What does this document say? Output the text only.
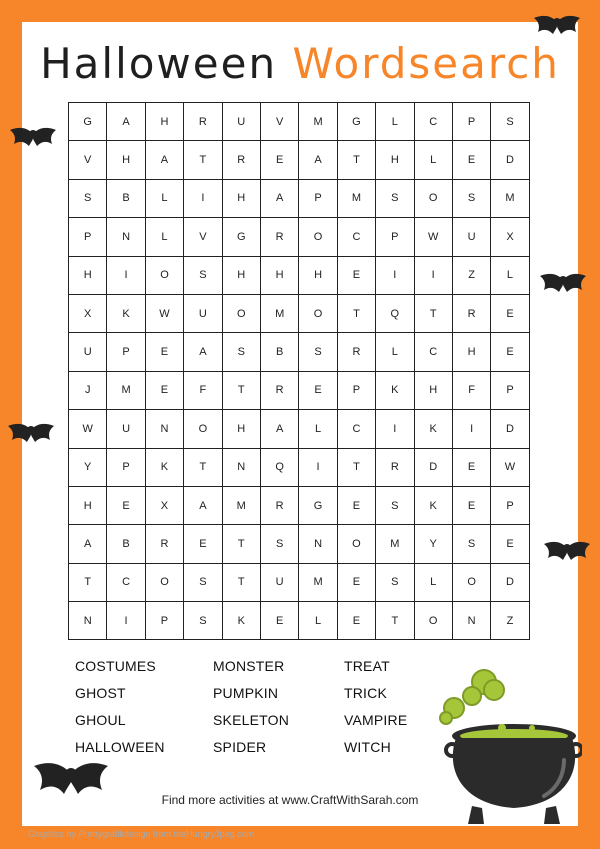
Halloween Wordsearch
G	A	H	R	U	V	M	G	L	C	P	S
V	H	A	T	R	E	A	T	H	L	E	D
S	B	L	I	H	A	P	M	S	O	S	M
P	N	L	V	G	R	O	C	P	W	U	X
H	I	O	S	H	H	H	E	I	I	Z	L
X	K	W	U	O	M	O	T	Q	T	R	E
U	P	E	A	S	B	S	R	L	C	H	E
J	M	E	F	T	R	E	P	K	H	F	P
W	U	N	O	H	A	L	C	I	K	I	D
Y	P	K	T	N	Q	I	T	R	D	E	W
H	E	X	A	M	R	G	E	S	K	E	P
A	B	R	E	T	S	N	O	M	Y	S	E
T	C	O	S	T	U	M	E	S	L	O	D
N	I	P	S	K	E	L	E	T	O	N	Z
COSTUMES
GHOST
GHOUL
HALLOWEEN
MONSTER
PUMPKIN
SKELETON
SPIDER
TREAT
TRICK
VAMPIRE
WITCH
Find more activities at www.CraftWithSarah.com
Graphics by Prettygrafikdesign from theHungryJpeg.com
